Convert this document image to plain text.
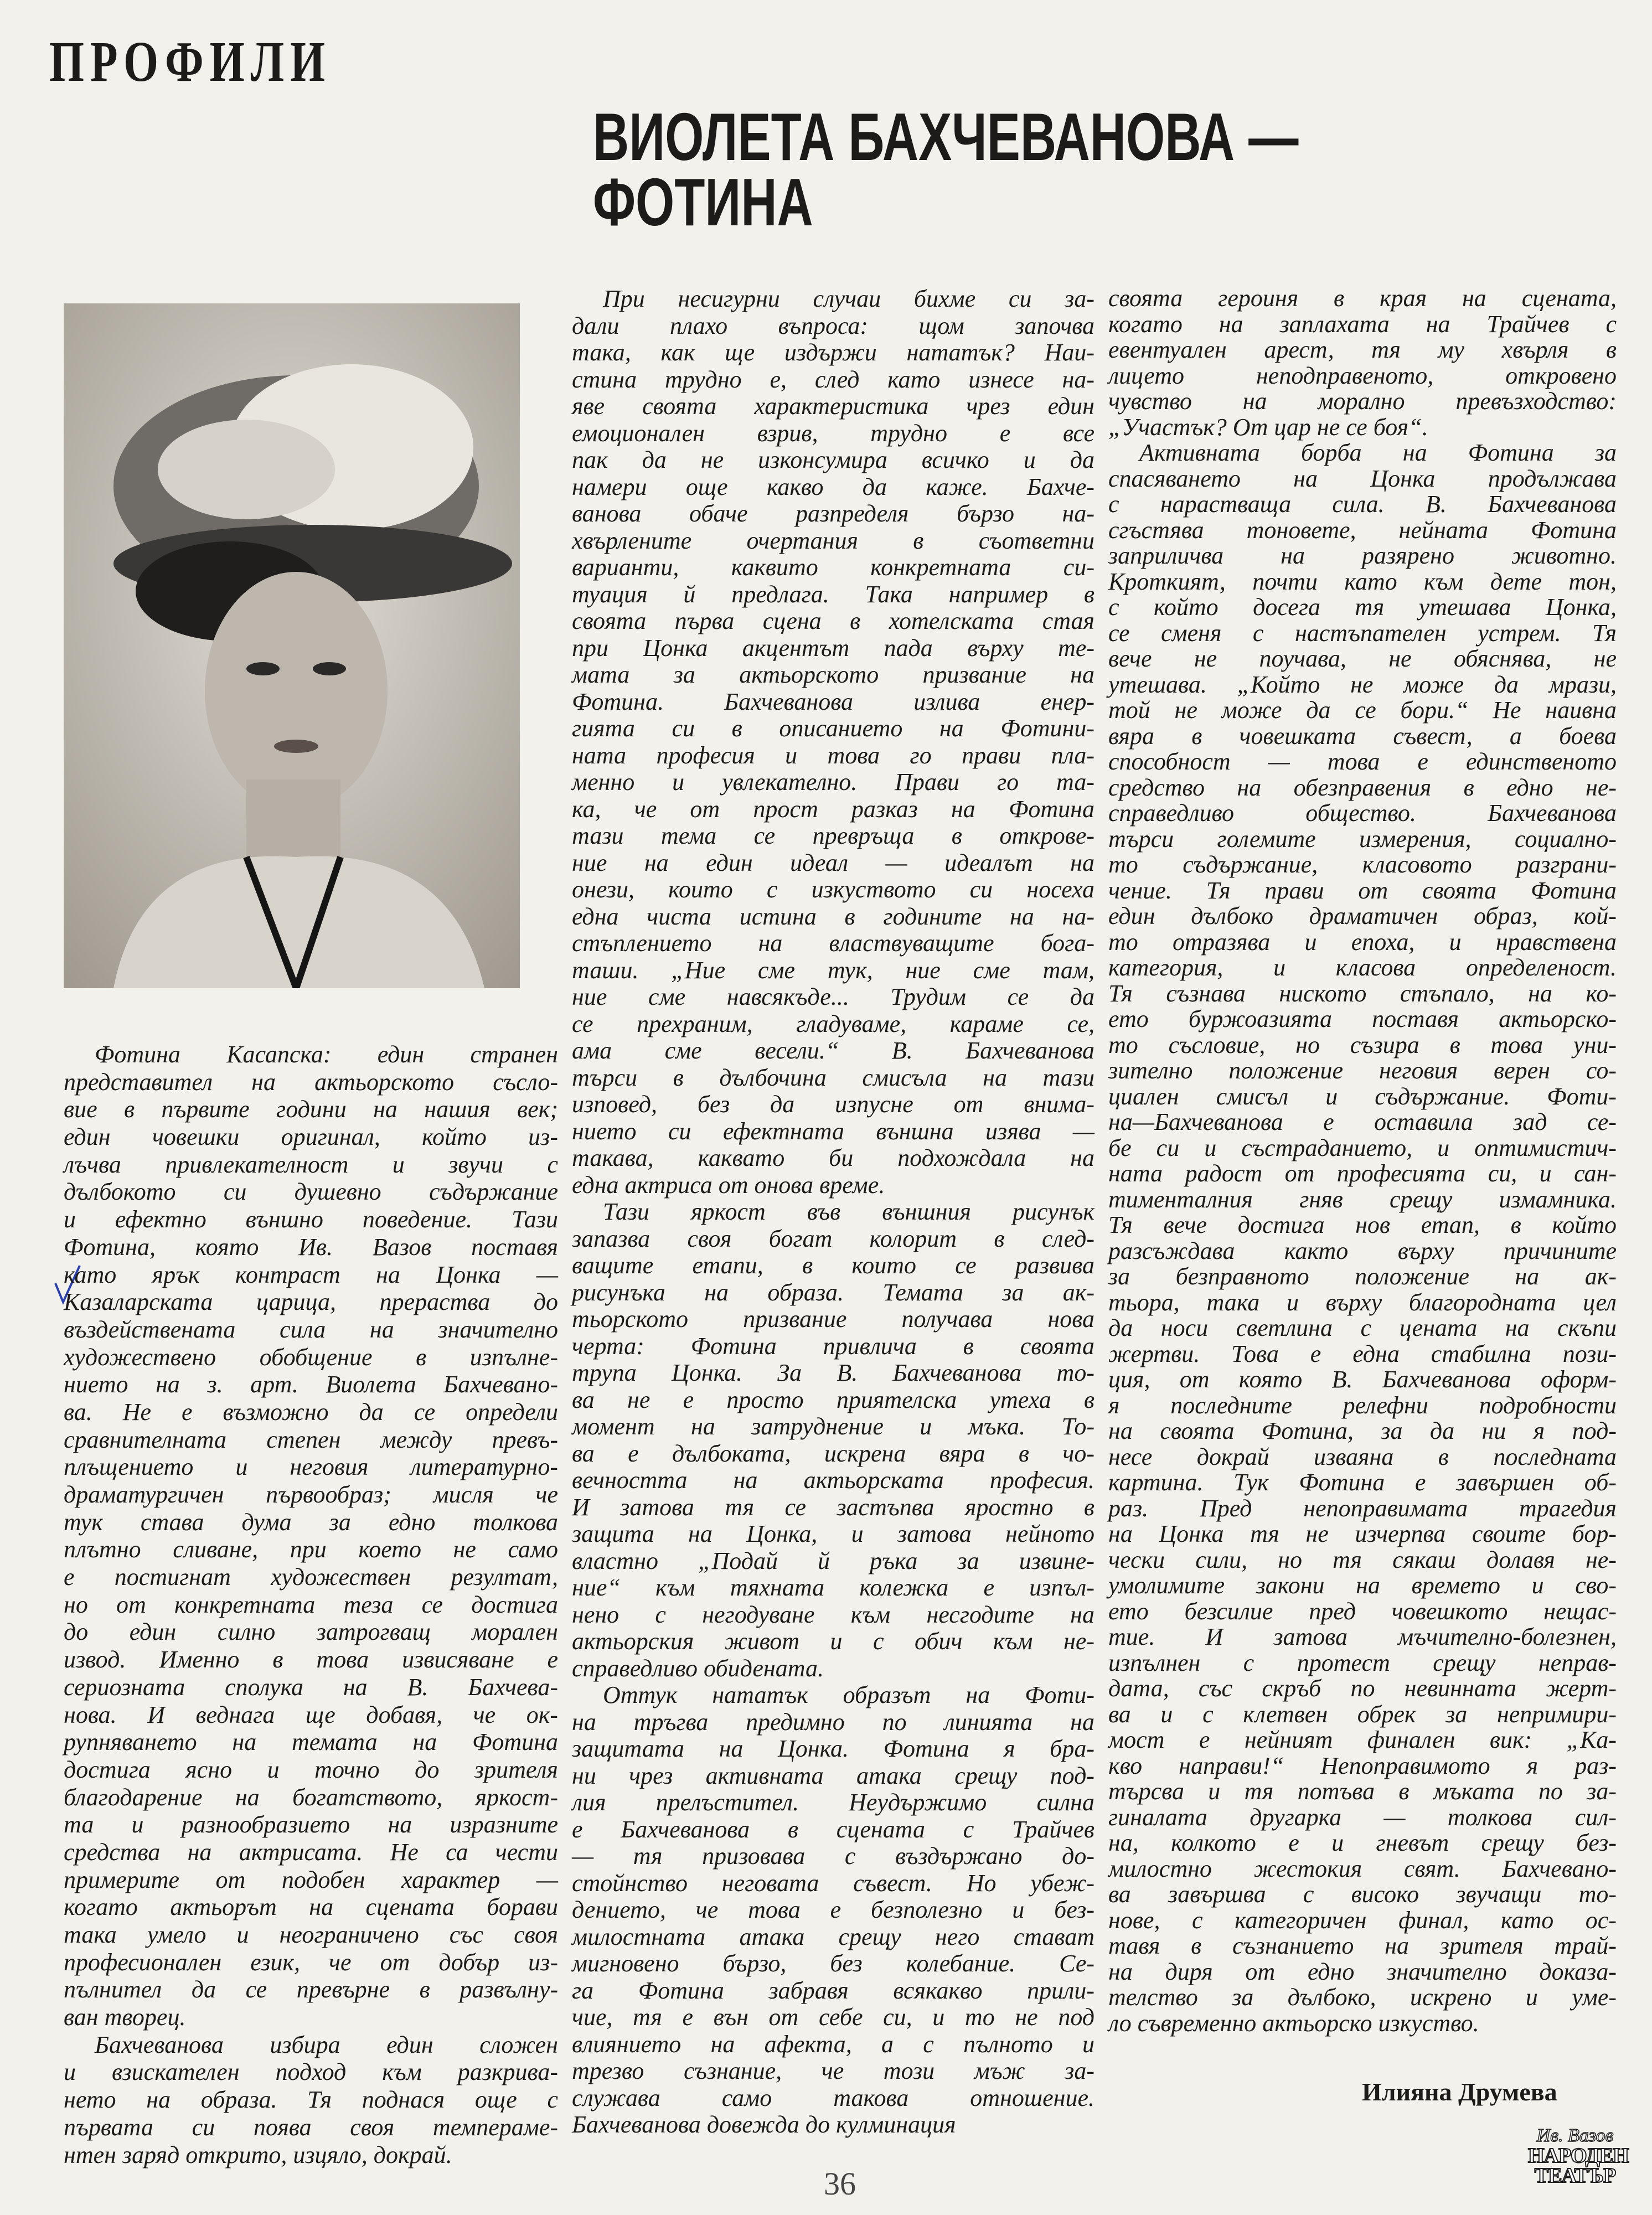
ПРОФИЛИ
ВИОЛЕТА БАХЧЕВАНОВА —
ФОТИНА
Фотина Касапска: един странен
представител на актьорското съсло-
вие в първите години на нашия век;
един човешки оригинал, който из-
лъчва привлекателност и звучи с
дълбокото си душевно съдържание
и ефектно външно поведение. Тази
Фотина, която Ив. Вазов поставя
като ярък контраст на Цонка —
Казаларската царица, прераства до
въздействената сила на значително
художествено обобщение в изпълне-
нието на з. арт. Виолета Бахчевано-
ва. Не е възможно да се определи
сравнителната степен между превъ-
плъщението и неговия литературно-
драматургичен първообраз; мисля че
тук става дума за едно толкова
плътно сливане, при което не само
е постигнат художествен резултат,
но от конкретната теза се достига
до един силно затрогващ морален
извод. Именно в това извисяване е
сериозната сполука на В. Бахчева-
нова. И веднага ще добавя, че ок-
рупняването на темата на Фотина
достига ясно и точно до зрителя
благодарение на богатството, яркост-
та и разнообразието на изразните
средства на актрисата. Не са чести
примерите от подобен характер —
когато актьорът на сцената борави
така умело и неограничено със своя
професионален език, че от добър из-
пълнител да се превърне в развълну-
ван творец.
Бахчеванова избира един сложен
и взискателен подход към разкрива-
нето на образа. Тя поднася още с
първата си поява своя темпераме-
нтен заряд открито, изцяло, докрай.
При несигурни случаи бихме си за-
дали плахо въпроса: щом започва
така, как ще издържи нататък? Наи-
стина трудно е, след като изнесе на-
яве своята характеристика чрез един
емоционален взрив, трудно е все
пак да не изконсумира всичко и да
намери още какво да каже. Бахче-
ванова обаче разпределя бързо на-
хвърлените очертания в съответни
варианти, каквито конкретната си-
туация й предлага. Така например в
своята първа сцена в хотелската стая
при Цонка акцентът пада върху те-
мата за актьорското призвание на
Фотина. Бахчеванова излива енер-
гията си в описанието на Фотини-
ната професия и това го прави пла-
менно и увлекателно. Прави го та-
ка, че от прост разказ на Фотина
тази тема се превръща в открове-
ние на един идеал — идеалът на
онези, които с изкуството си носеха
една чиста истина в годините на на-
стъплението на властвуващите бога-
таши. „Ние сме тук, ние сме там,
ние сме навсякъде... Трудим се да
се прехраним, гладуваме, караме се,
ама сме весели.“ В. Бахчеванова
търси в дълбочина смисъла на тази
изповед, без да изпусне от внима-
нието си ефектната външна изява —
такава, каквато би подхождала на
една актриса от онова време.
Тази яркост във външния рисунък
запазва своя богат колорит в след-
ващите етапи, в които се развива
рисунъка на образа. Темата за ак-
тьорското призвание получава нова
черта: Фотина привлича в своята
трупа Цонка. За В. Бахчеванова то-
ва не е просто приятелска утеха в
момент на затруднение и мъка. То-
ва е дълбоката, искрена вяра в чо-
вечността на актьорската професия.
И затова тя се застъпва яростно в
защита на Цонка, и затова нейното
властно „Подай й ръка за извине-
ние“ към тяхната колежка е изпъл-
нено с негодуване към несгодите на
актьорския живот и с обич към не-
справедливо обидената.
Оттук нататък образът на Фоти-
на тръгва предимно по линията на
защитата на Цонка. Фотина я бра-
ни чрез активната атака срещу под-
лия прелъстител. Неудържимо силна
е Бахчеванова в сцената с Трайчев
— тя призовава с въздържано до-
стойнство неговата съвест. Но убеж-
дението, че това е безполезно и без-
милостната атака срещу него стават
мигновено бързо, без колебание. Се-
га Фотина забравя всякакво прили-
чие, тя е вън от себе си, и то не под
влиянието на афекта, а с пълното и
трезво съзнание, че този мъж за-
служава само такова отношение.
Бахчеванова довежда до кулминация
своята героиня в края на сцената,
когато на заплахата на Трайчев с
евентуален арест, тя му хвърля в
лицето неподправеното, откровено
чувство на морално превъзходство:
„Участък? От цар не се боя“.
Активната борба на Фотина за
спасяването на Цонка продължава
с нарастваща сила. В. Бахчеванова
сгъстява тоновете, нейната Фотина
заприличва на разярено животно.
Кроткият, почти като към дете тон,
с който досега тя утешава Цонка,
се сменя с настъпателен устрем. Тя
вече не поучава, не обяснява, не
утешава. „Който не може да мрази,
той не може да се бори.“ Не наивна
вяра в човешката съвест, а боева
способност — това е единственото
средство на обезправения в едно не-
справедливо общество. Бахчеванова
търси големите измерения, социално-
то съдържание, класовото разграни-
чение. Тя прави от своята Фотина
един дълбоко драматичен образ, кой-
то отразява и епоха, и нравствена
категория, и класова определеност.
Тя съзнава ниското стъпало, на ко-
ето буржоазията поставя актьорско-
то съсловие, но съзира в това уни-
зително положение неговия верен со-
циален смисъл и съдържание. Фоти-
на—Бахчеванова е оставила зад се-
бе си и състраданието, и оптимистич-
ната радост от професията си, и сан-
тименталния гняв срещу измамника.
Тя вече достига нов етап, в който
разсъждава както върху причините
за безправното положение на ак-
тьора, така и върху благородната цел
да носи светлина с цената на скъпи
жертви. Това е една стабилна пози-
ция, от която В. Бахчеванова оформ-
я последните релефни подробности
на своята Фотина, за да ни я под-
несе докрай изваяна в последната
картина. Тук Фотина е завършен об-
раз. Пред непоправимата трагедия
на Цонка тя не изчерпва своите бор-
чески сили, но тя сякаш долавя не-
умолимите закони на времето и сво-
ето безсилие пред човешкото нещас-
тие. И затова мъчително-болезнен,
изпълнен с протест срещу неправ-
дата, със скръб по невинната жерт-
ва и с клетвен обрек за непримири-
мост е нейният финален вик: „Ка-
кво направи!“ Непоправимото я раз-
търсва и тя потъва в мъката по за-
гиналата другарка — толкова сил-
на, колкото е и гневът срещу без-
милостно жестокия свят. Бахчевано-
ва завършва с високо звучащи то-
нове, с категоричен финал, като ос-
тавя в съзнанието на зрителя трай-
на диря от едно значително доказа-
телство за дълбоко, искрено и уме-
ло съвременно актьорско изкуство.
Илияна Друмева
36
Ив. Вазов
НАРОДЕН
ТЕАТЪР
